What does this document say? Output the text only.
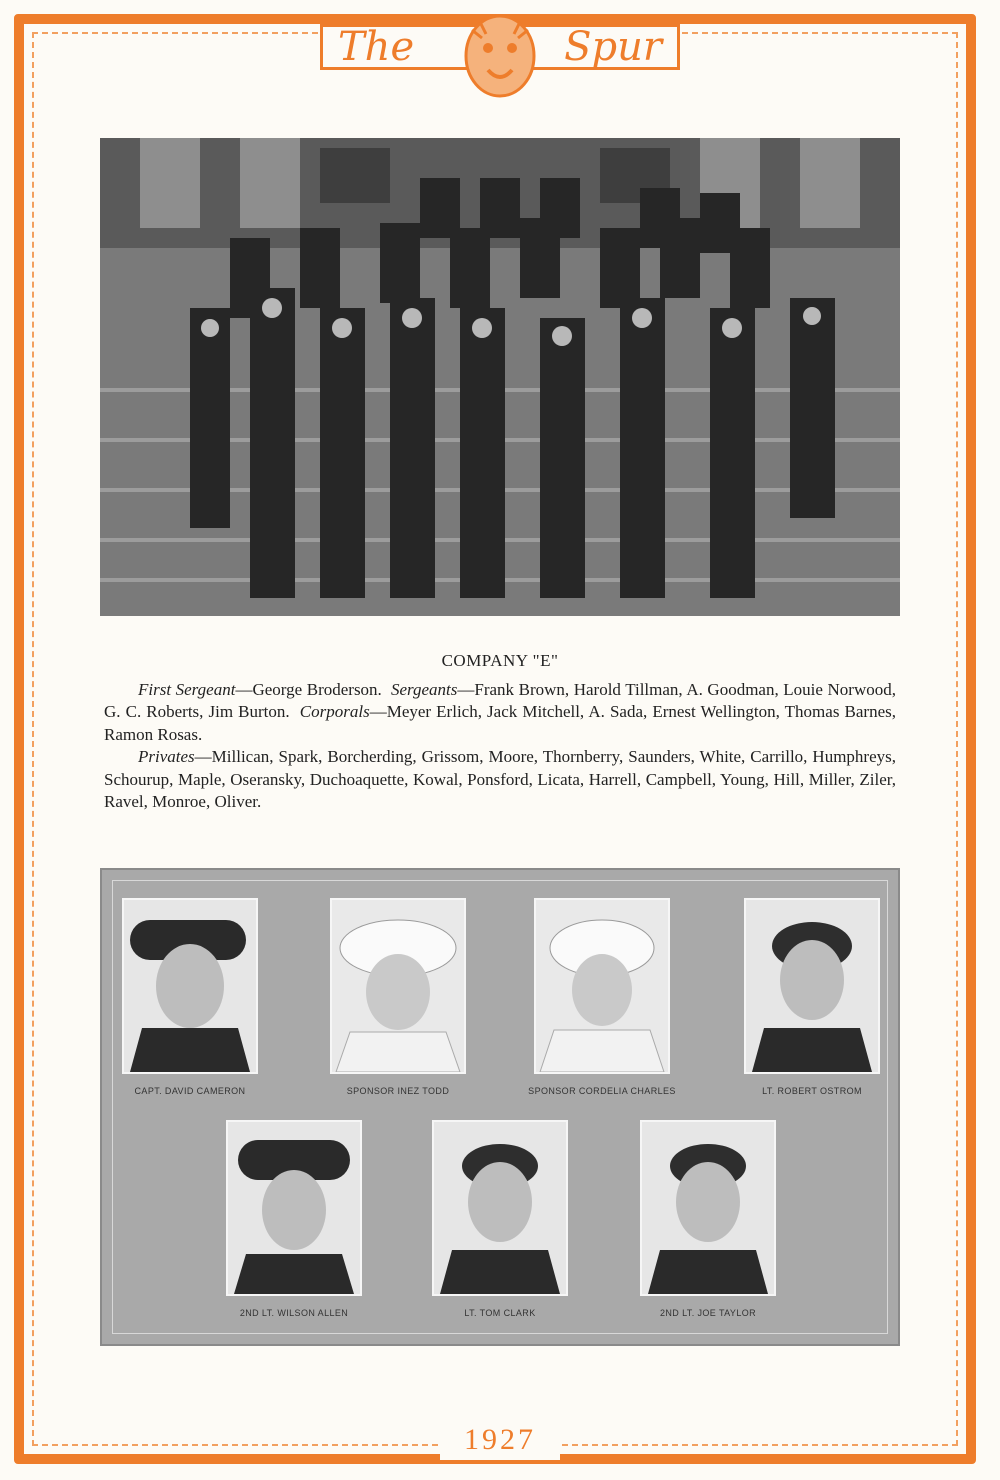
The	Spur
COMPANY "E"

First Sergeant—George Broderson. Sergeants—Frank Brown, Harold Tillman, A. Goodman, Louie Norwood, G. C. Roberts, Jim Burton. Corporals—Meyer Erlich, Jack Mitchell, A. Sada, Ernest Wellington, Thomas Barnes, Ramon Rosas.

Privates—Millican, Spark, Borcherding, Grissom, Moore, Thornberry, Saunders, White, Carrillo, Humphreys, Schourup, Maple, Oseransky, Duchoaquette, Kowal, Ponsford, Licata, Harrell, Campbell, Young, Hill, Miller, Ziler, Ravel, Monroe, Oliver.

CAPT. DAVID CAMERON	SPONSOR INEZ TODD	SPONSOR CORDELIA CHARLES	LT. ROBERT OSTROM
2ND LT. WILSON ALLEN	LT. TOM CLARK	2ND LT. JOE TAYLOR
1927
